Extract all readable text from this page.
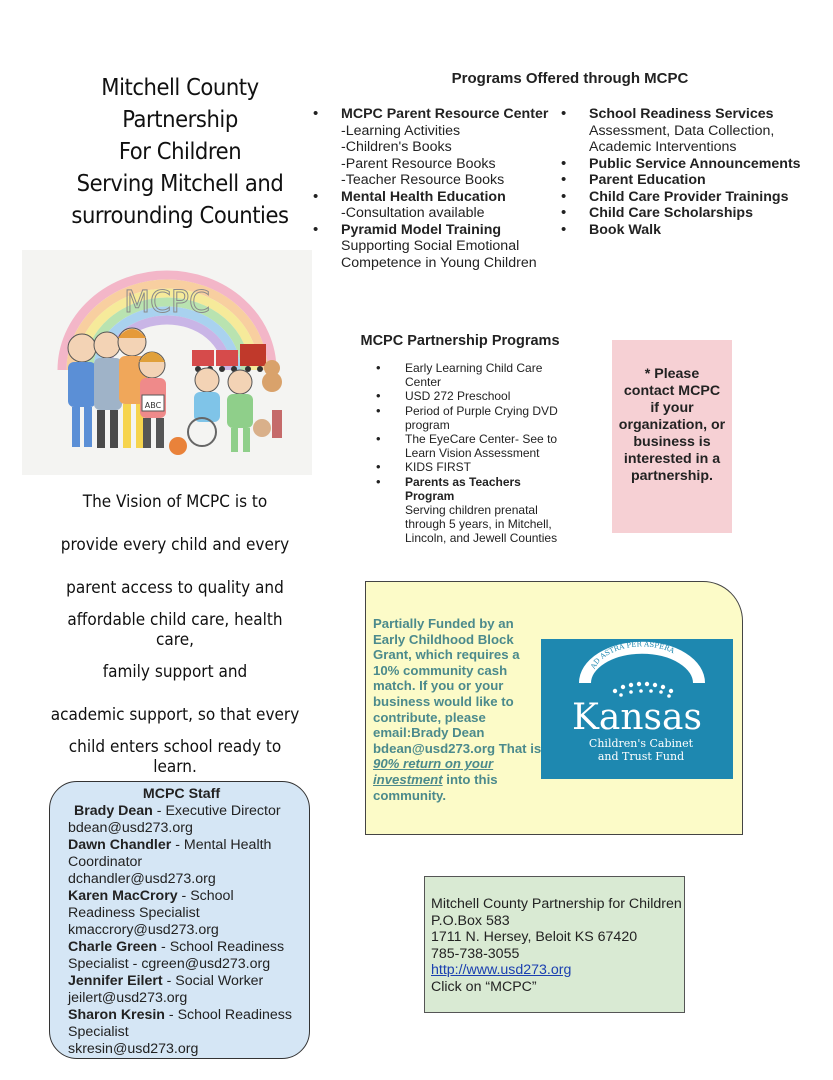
Mitchell County
Partnership
For Children
Serving Mitchell and
surrounding Counties
MCPC
ABC
The Vision of MCPC is to
provide every child and every
parent access to quality and
affordable child care, health care,
family support and
academic support, so that every
child enters school ready to learn.
MCPC Staff
Brady Dean - Executive Director
bdean@usd273.org
Dawn Chandler - Mental Health Coordinator
dchandler@usd273.org
Karen MacCrory - School Readiness Specialist
kmaccrory@usd273.org
Charle Green - School Readiness Specialist - cgreen@usd273.org
Jennifer Eilert - Social Worker
jeilert@usd273.org
Sharon Kresin - School Readiness Specialist
skresin@usd273.org
Programs Offered through MCPC
• MCPC Parent Resource Center
-Learning Activities
-Children's Books
-Parent Resource Books
-Teacher Resource Books
• Mental Health Education
-Consultation available
• Pyramid Model Training
Supporting Social Emotional Competence in Young Children
• School Readiness Services
Assessment, Data Collection, Academic Interventions
• Public Service Announcements
• Parent Education
• Child Care Provider Trainings
• Child Care Scholarships
• Book Walk
MCPC Partnership Programs
• Early Learning Child Care Center
• USD 272 Preschool
• Period of Purple Crying DVD program
• The EyeCare Center- See to Learn Vision Assessment
• KIDS FIRST
• Parents as Teachers Program
Serving children prenatal through 5 years, in Mitchell, Lincoln, and Jewell Counties
* Please contact MCPC if your organization, or business is interested in a partnership.
Partially Funded by an Early Childhood Block Grant, which requires a 10% community cash match. If you or your business would like to contribute, please email:Brady Dean bdean@usd273.org That is 90% return on your investment into this community.
AD ASTRA PER ASPERA
Kansas
Children's Cabinet
and Trust Fund
Mitchell County Partnership for Children
P.O.Box 583
1711 N. Hersey, Beloit KS 67420
785-738-3055
http://www.usd273.org
Click on “MCPC”
